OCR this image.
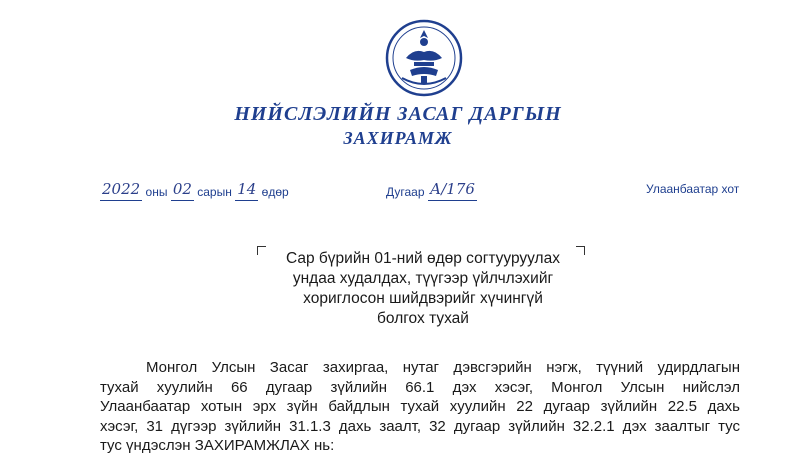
НИЙСЛЭЛИЙН ЗАСАГ ДАРГЫН
ЗАХИРАМЖ
2022 оны 02 сарын 14 өдөр	Дугаар А/176	Улаанбаатар хот
Сар бүрийн 01-ний өдөр согтууруулах
ундаа худалдах, түүгээр үйлчлэхийг
хориглосон шийдвэрийг хүчингүй
болгох тухай
Монгол Улсын Засаг захиргаа, нутаг дэвсгэрийн нэгж, түүний удирдлагын
тухай хуулийн 66 дугаар зүйлийн 66.1 дэх хэсэг, Монгол Улсын нийслэл
Улаанбаатар хотын эрх зүйн байдлын тухай хуулийн 22 дугаар зүйлийн 22.5 дахь
хэсэг, 31 дүгээр зүйлийн 31.1.3 дахь заалт, 32 дугаар зүйлийн 32.2.1 дэх заалтыг тус
тус үндэслэн ЗАХИРАМЖЛАХ нь:
